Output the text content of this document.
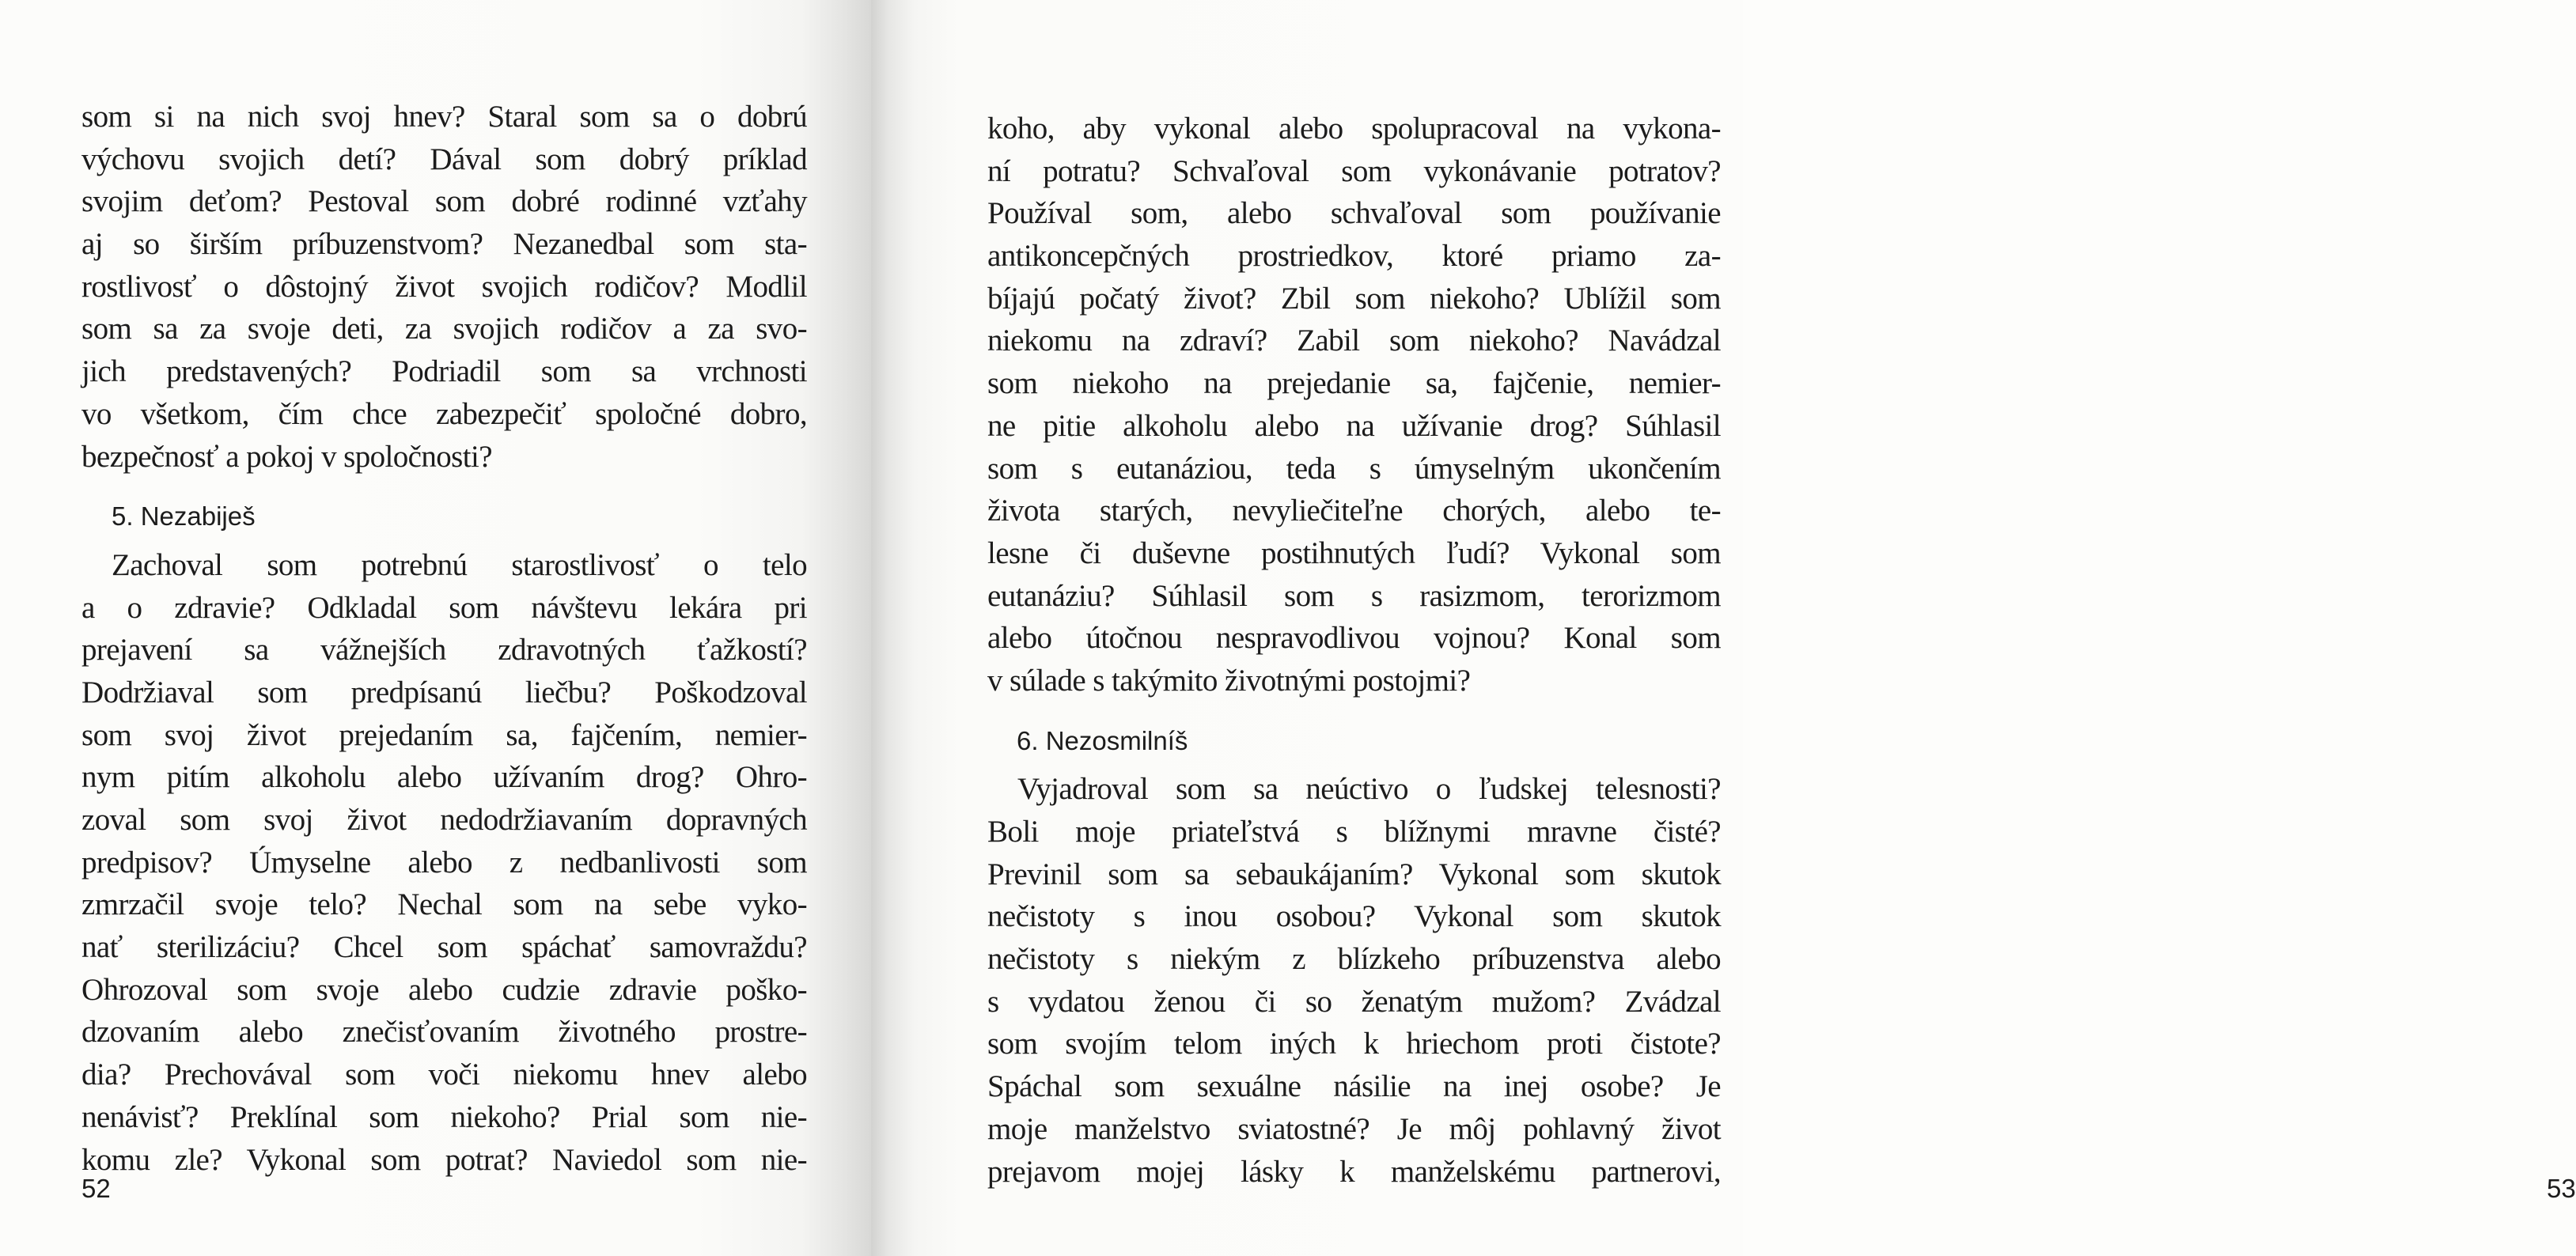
som si na nich svoj hnev? Staral som sa o dobrú
výchovu svojich detí? Dával som dobrý príklad
svojim deťom? Pestoval som dobré rodinné vzťahy
aj so širším príbuzenstvom? Nezanedbal som sta-
rostlivosť o dôstojný život svojich rodičov? Modlil
som sa za svoje deti, za svojich rodičov a za svo-
jich predstavených? Podriadil som sa vrchnosti
vo všetkom, čím chce zabezpečiť spoločné dobro,
bezpečnosť a pokoj v spoločnosti?
5. Nezabiješ
Zachoval som potrebnú starostlivosť o telo
a o zdravie? Odkladal som návštevu lekára pri
prejavení sa vážnejších zdravotných ťažkostí?
Dodržiaval som predpísanú liečbu? Poškodzoval
som svoj život prejedaním sa, fajčením, nemier-
nym pitím alkoholu alebo užívaním drog? Ohro-
zoval som svoj život nedodržiavaním dopravných
predpisov? Úmyselne alebo z nedbanlivosti som
zmrzačil svoje telo? Nechal som na sebe vyko-
nať sterilizáciu? Chcel som spáchať samovraždu?
Ohrozoval som svoje alebo cudzie zdravie poško-
dzovaním alebo znečisťovaním životného prostre-
dia? Prechovával som voči niekomu hnev alebo
nenávisť? Preklínal som niekoho? Prial som nie-
komu zle? Vykonal som potrat? Naviedol som nie-
52
koho, aby vykonal alebo spolupracoval na vykona-
ní potratu? Schvaľoval som vykonávanie potratov?
Používal som, alebo schvaľoval som používanie
antikoncepčných prostriedkov, ktoré priamo za-
bíjajú počatý život? Zbil som niekoho? Ublížil som
niekomu na zdraví? Zabil som niekoho? Navádzal
som niekoho na prejedanie sa, fajčenie, nemier-
ne pitie alkoholu alebo na užívanie drog? Súhlasil
som s eutanáziou, teda s úmyselným ukončením
života starých, nevyliečiteľne chorých, alebo te-
lesne či duševne postihnutých ľudí? Vykonal som
eutanáziu? Súhlasil som s rasizmom, terorizmom
alebo útočnou nespravodlivou vojnou? Konal som
v súlade s takýmito životnými postojmi?
6. Nezosmilníš
Vyjadroval som sa neúctivo o ľudskej telesnosti?
Boli moje priateľstvá s blížnymi mravne čisté?
Previnil som sa sebaukájaním? Vykonal som skutok
nečistoty s inou osobou? Vykonal som skutok
nečistoty s niekým z blízkeho príbuzenstva alebo
s vydatou ženou či so ženatým mužom? Zvádzal
som svojím telom iných k hriechom proti čistote?
Spáchal som sexuálne násilie na inej osobe? Je
moje manželstvo sviatostné? Je môj pohlavný život
prejavom mojej lásky k manželskému partnerovi,	53
